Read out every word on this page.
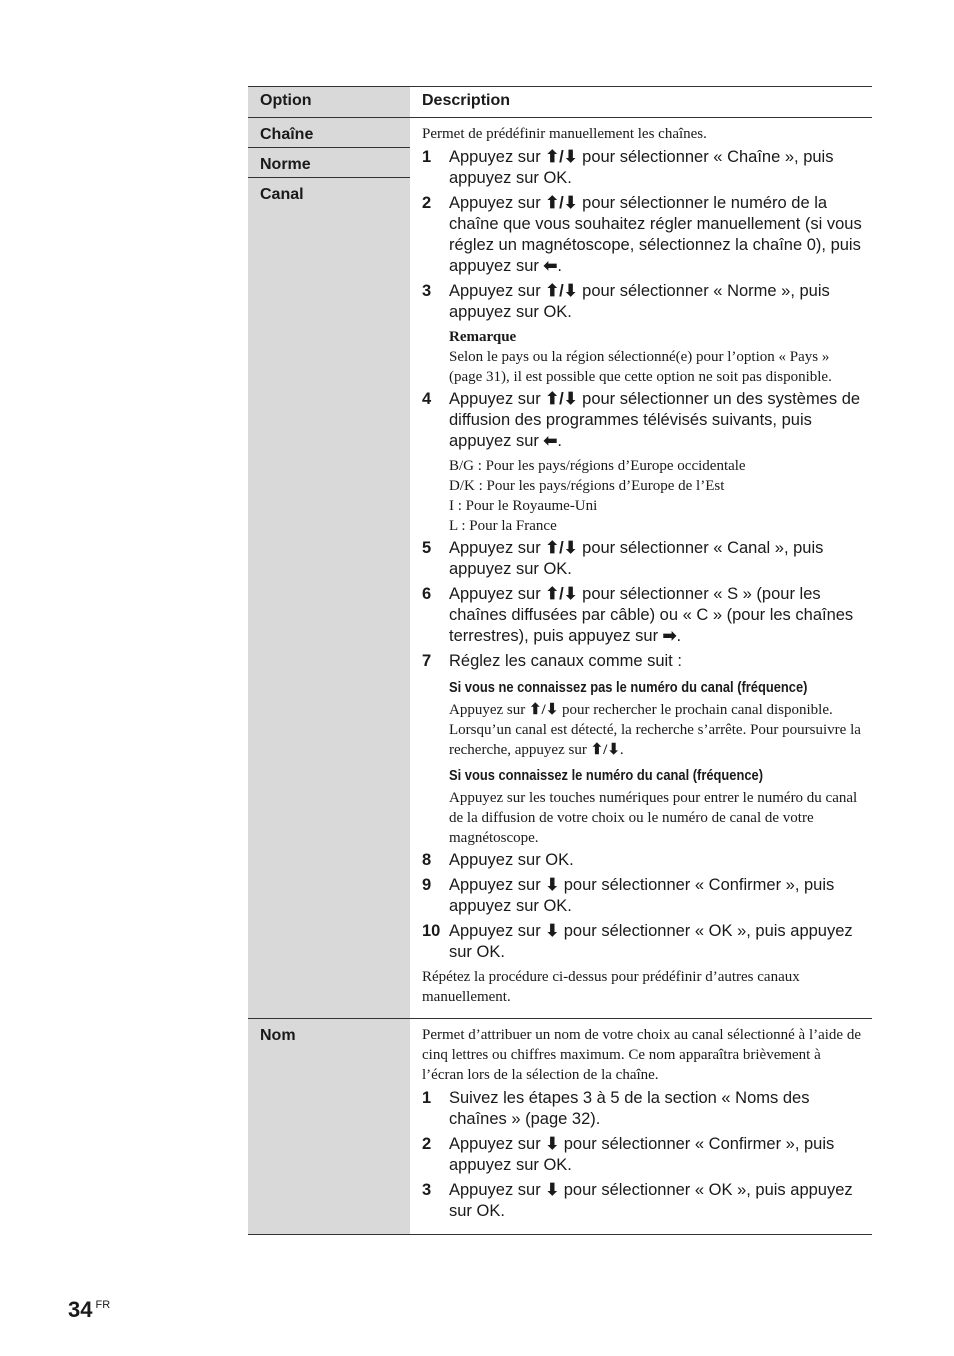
Option	Description
Chaîne
Norme
Canal

Permet de prédéfinir manuellement les chaînes.

1 Appuyez sur ⬆/⬇ pour sélectionner « Chaîne », puis appuyez sur OK.
2 Appuyez sur ⬆/⬇ pour sélectionner le numéro de la chaîne que vous souhaitez régler manuellement (si vous réglez un magnétoscope, sélectionnez la chaîne 0), puis appuyez sur ⬅.
3 Appuyez sur ⬆/⬇ pour sélectionner « Norme », puis appuyez sur OK.
Remarque
Selon le pays ou la région sélectionné(e) pour l’option « Pays » (page 31), il est possible que cette option ne soit pas disponible.
4 Appuyez sur ⬆/⬇ pour sélectionner un des systèmes de diffusion des programmes télévisés suivants, puis appuyez sur ⬅.
B/G : Pour les pays/régions d’Europe occidentale
D/K : Pour les pays/régions d’Europe de l’Est
I : Pour le Royaume-Uni
L : Pour la France
5 Appuyez sur ⬆/⬇ pour sélectionner « Canal », puis appuyez sur OK.
6 Appuyez sur ⬆/⬇ pour sélectionner « S » (pour les chaînes diffusées par câble) ou « C » (pour les chaînes terrestres), puis appuyez sur ➡.
7 Réglez les canaux comme suit :
Si vous ne connaissez pas le numéro du canal (fréquence)
Appuyez sur ⬆/⬇ pour rechercher le prochain canal disponible. Lorsqu’un canal est détecté, la recherche s’arrête. Pour poursuivre la recherche, appuyez sur ⬆/⬇.
Si vous connaissez le numéro du canal (fréquence)
Appuyez sur les touches numériques pour entrer le numéro du canal de la diffusion de votre choix ou le numéro de canal de votre magnétoscope.
8 Appuyez sur OK.
9 Appuyez sur ⬇ pour sélectionner « Confirmer », puis appuyez sur OK.
10 Appuyez sur ⬇ pour sélectionner « OK », puis appuyez sur OK.

Répétez la procédure ci-dessus pour prédéfinir d’autres canaux manuellement.

Nom	Permet d’attribuer un nom de votre choix au canal sélectionné à l’aide de cinq lettres ou chiffres maximum. Ce nom apparaîtra brièvement à l’écran lors de la sélection de la chaîne.

1 Suivez les étapes 3 à 5 de la section « Noms des chaînes » (page 32).
2 Appuyez sur ⬇ pour sélectionner « Confirmer », puis appuyez sur OK.
3 Appuyez sur ⬇ pour sélectionner « OK », puis appuyez sur OK.
34 $^{FR}$
